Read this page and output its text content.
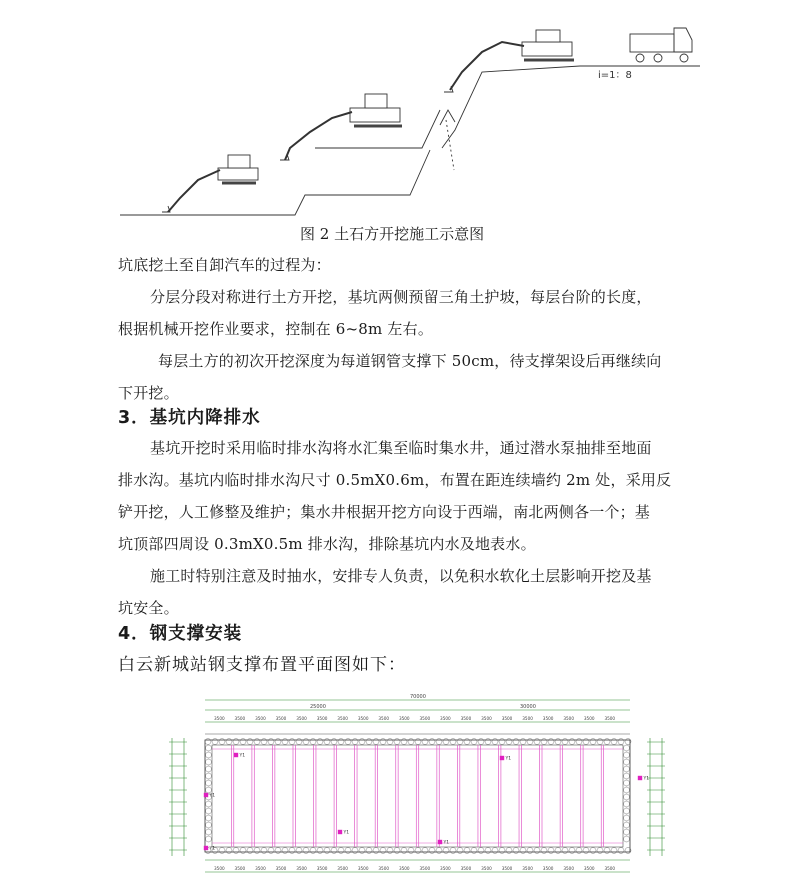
i=1：8
图 2 土石方开挖施工示意图
坑底挖土至自卸汽车的过程为：
分层分段对称进行土方开挖，基坑两侧预留三角土护坡，每层台阶的长度，
根据机械开挖作业要求，控制在 6~8m 左右。
每层土方的初次开挖深度为每道钢管支撑下 50cm，待支撑架设后再继续向
下开挖。
3．基坑内降排水
基坑开挖时采用临时排水沟将水汇集至临时集水井，通过潜水泵抽排至地面
排水沟。基坑内临时排水沟尺寸 0.5mX0.6m，布置在距连续墙约 2m 处，采用反
铲开挖，人工修整及维护；集水井根据开挖方向设于西端，南北两侧各一个；基
坑顶部四周设 0.3mX0.5m 排水沟，排除基坑内水及地表水。
施工时特别注意及时抽水，安排专人负责，以免积水软化土层影响开挖及基
坑安全。
4．钢支撑安装
白云新城站钢支撑布置平面图如下：
3500
3500
3500
3500
3500
3500
3500
3500
3500
3500
3500
3500
3500
3500
3500
3500
3500
3500
3500
3500
3500
3500
3500
3500
3500
3500
3500
3500
3500
3500
3500
3500
3500
3500
3500
3500
3500
3500
3500
3500
Y1
Y1
Y1
Y1
Y1
Y1
Y1
70000
25000	30000
